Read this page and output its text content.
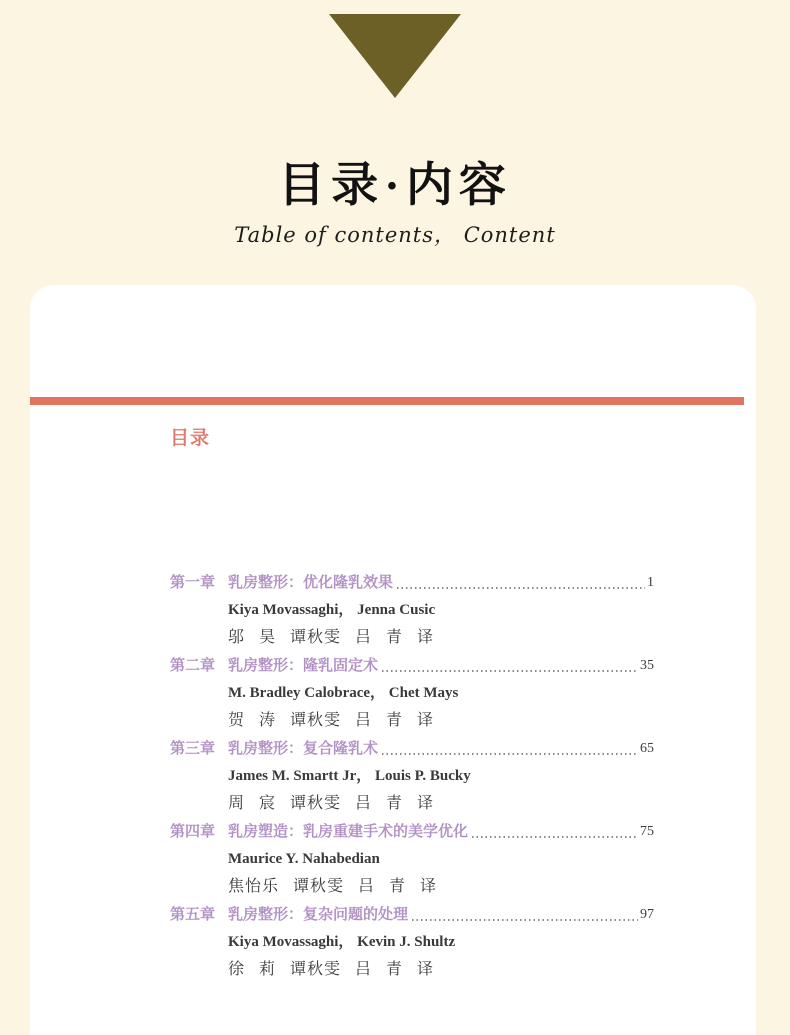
目录·内容
Table of contents， Content
目录
第一章 乳房整形：优化隆乳效果	1
Kiya Movassaghi， Jenna Cusic
邬 昊 谭秋雯 吕 青 译
第二章 乳房整形：隆乳固定术	35
M. Bradley Calobrace， Chet Mays
贺 涛 谭秋雯 吕 青 译
第三章 乳房整形：复合隆乳术	65
James M. Smartt Jr， Louis P. Bucky
周 宸 谭秋雯 吕 青 译
第四章 乳房塑造：乳房重建手术的美学优化	75
Maurice Y. Nahabedian
焦怡乐 谭秋雯 吕 青 译
第五章 乳房整形：复杂问题的处理	97
Kiya Movassaghi， Kevin J. Shultz
徐 莉 谭秋雯 吕 青 译
